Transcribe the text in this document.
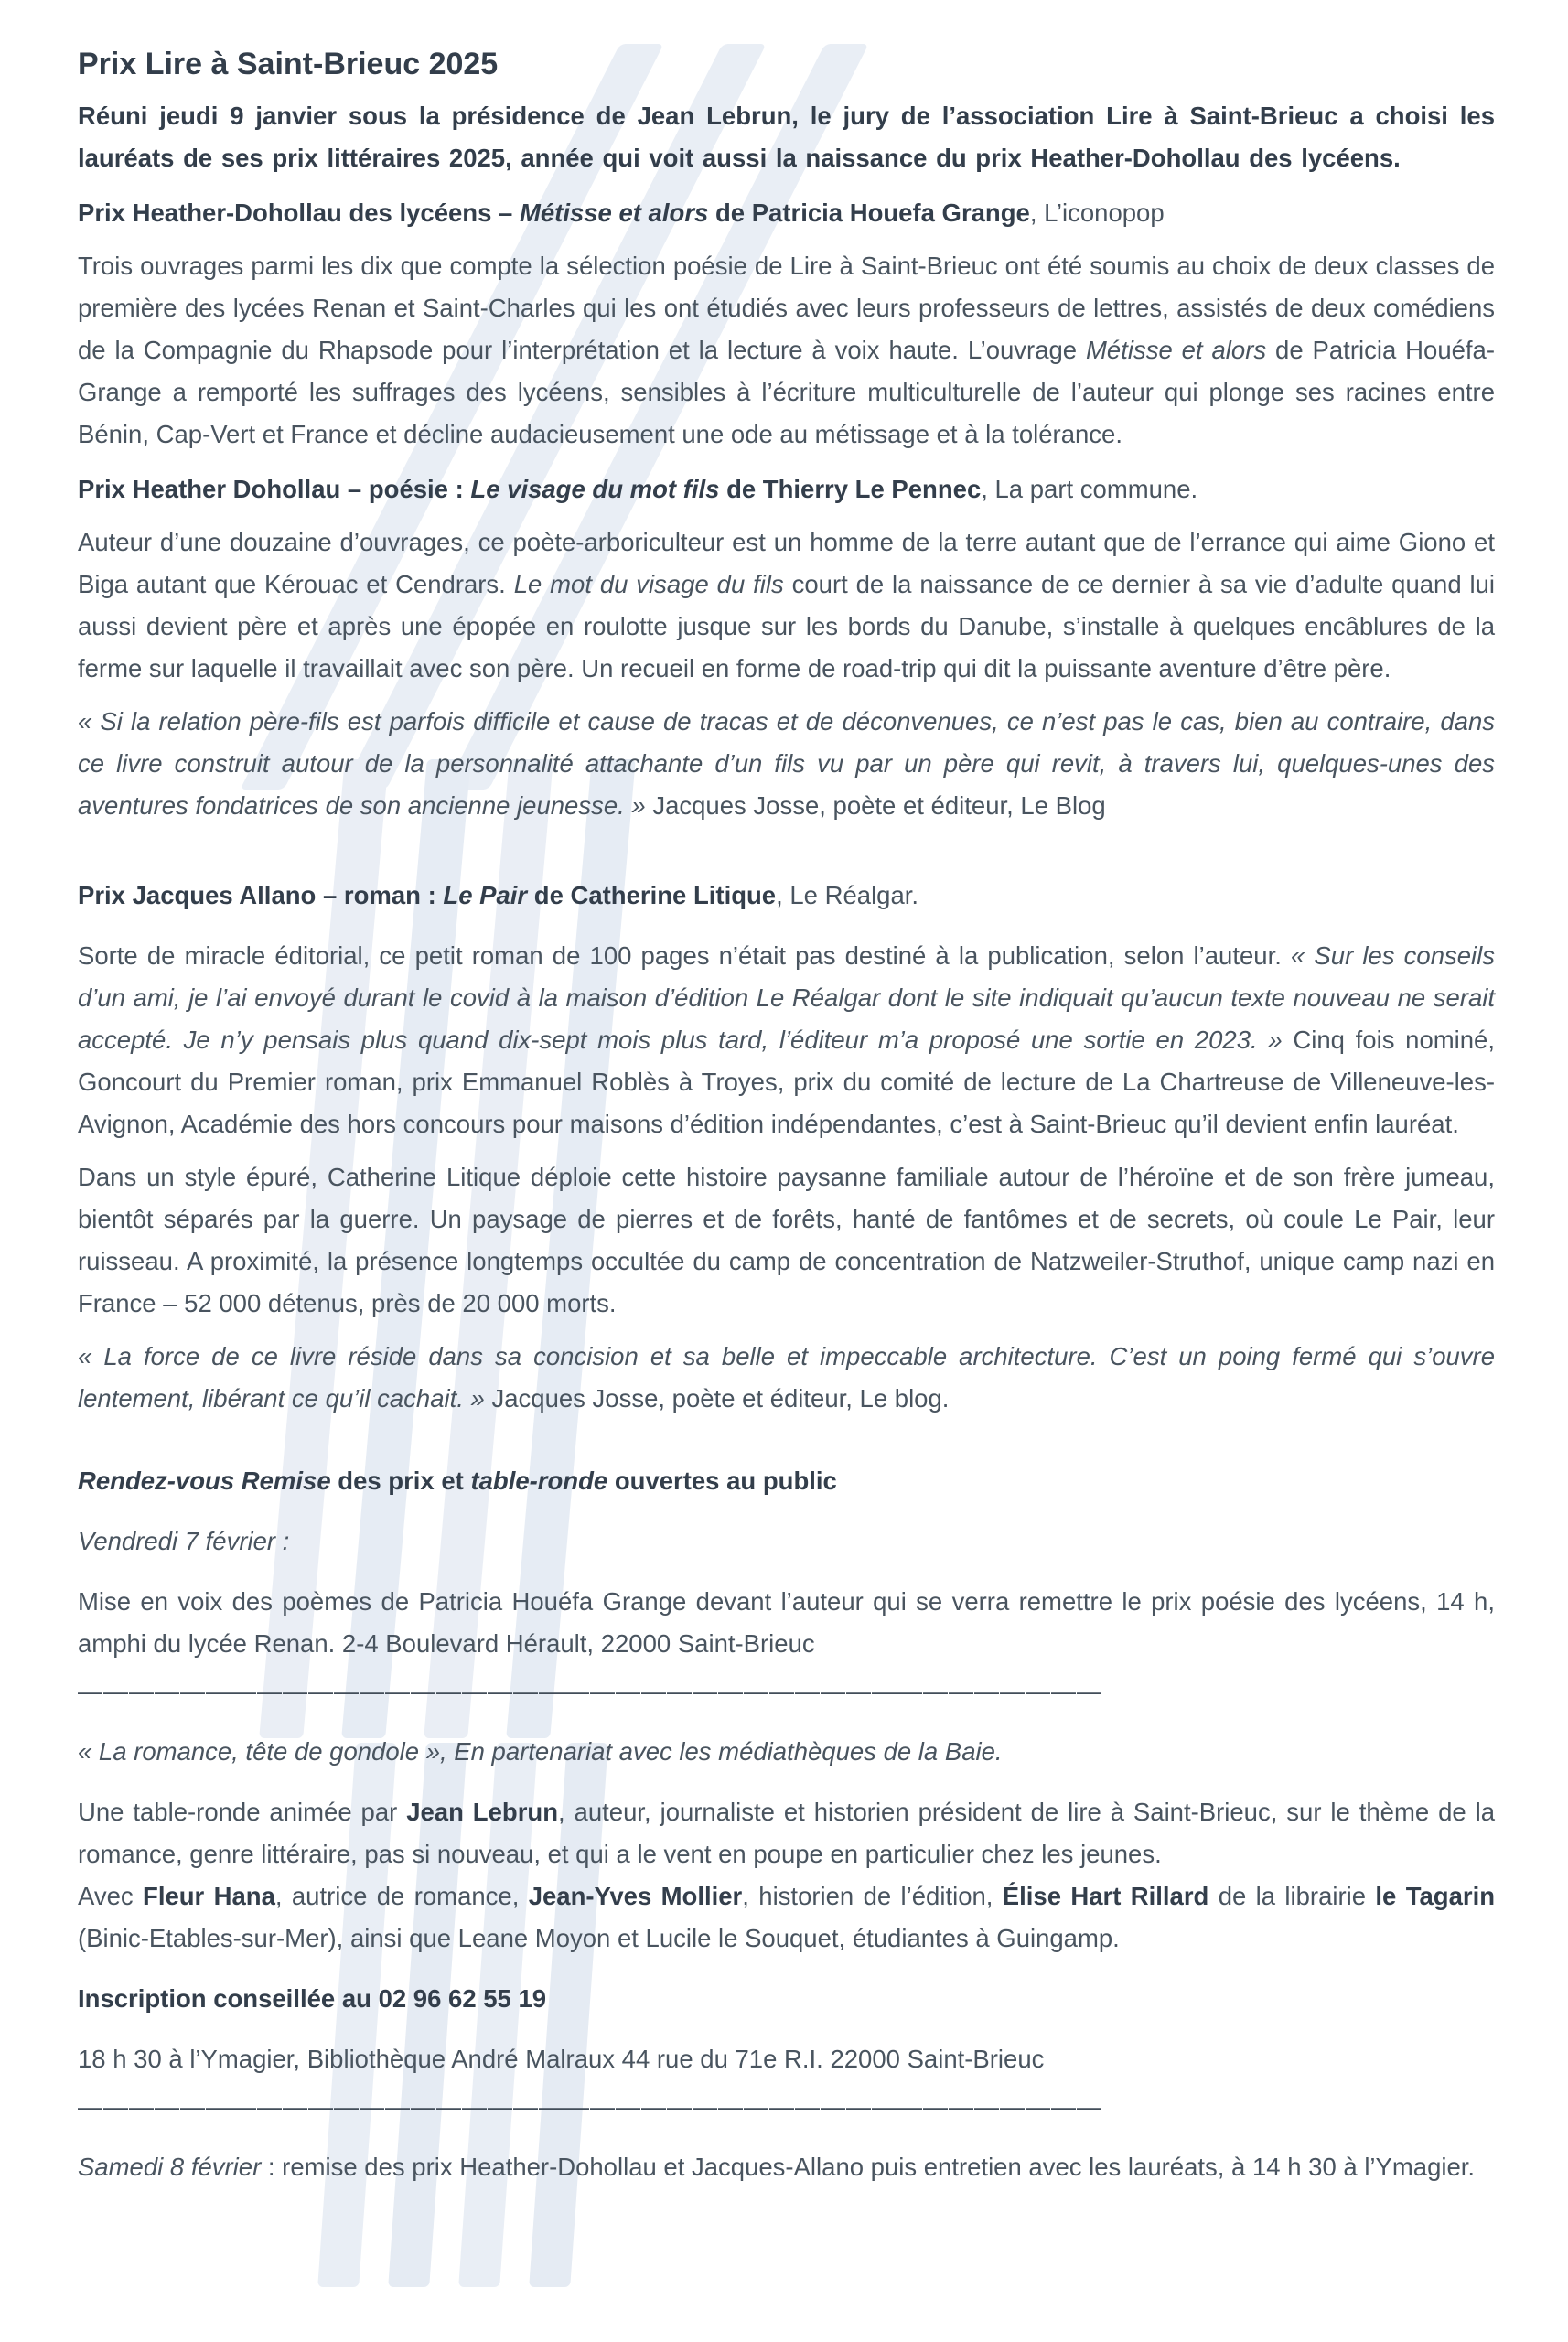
Prix Lire à Saint-Brieuc 2025

Réuni jeudi 9 janvier sous la présidence de Jean Lebrun, le jury de l’association Lire à Saint-Brieuc a choisi les lauréats de ses prix littéraires 2025, année qui voit aussi la naissance du prix Heather-Dohollau des lycéens.

Prix Heather-Dohollau des lycéens – Métisse et alors de Patricia Houefa Grange, L’iconopop

Trois ouvrages parmi les dix que compte la sélection poésie de Lire à Saint-Brieuc ont été soumis au choix de deux classes de première des lycées Renan et Saint-Charles qui les ont étudiés avec leurs professeurs de lettres, assistés de deux comédiens de la Compagnie du Rhapsode pour l’interprétation et la lecture à voix haute. L’ouvrage Métisse et alors de Patricia Houéfa-Grange a remporté les suffrages des lycéens, sensibles à l’écriture multiculturelle de l’auteur qui plonge ses racines entre Bénin, Cap-Vert et France et décline audacieusement une ode au métissage et à la tolérance.

Prix Heather Dohollau – poésie : Le visage du mot fils de Thierry Le Pennec, La part commune.

Auteur d’une douzaine d’ouvrages, ce poète-arboriculteur est un homme de la terre autant que de l’errance qui aime Giono et Biga autant que Kérouac et Cendrars. Le mot du visage du fils court de la naissance de ce dernier à sa vie d’adulte quand lui aussi devient père et après une épopée en roulotte jusque sur les bords du Danube, s’installe à quelques encâblures de la ferme sur laquelle il travaillait avec son père. Un recueil en forme de road-trip qui dit la puissante aventure d’être père.

« Si la relation père-fils est parfois difficile et cause de tracas et de déconvenues, ce n’est pas le cas, bien au contraire, dans ce livre construit autour de la personnalité attachante d’un fils vu par un père qui revit, à travers lui, quelques-unes des aventures fondatrices de son ancienne jeunesse. » Jacques Josse, poète et éditeur, Le Blog

Prix Jacques Allano – roman : Le Pair de Catherine Litique, Le Réalgar.

Sorte de miracle éditorial, ce petit roman de 100 pages n’était pas destiné à la publication, selon l’auteur. « Sur les conseils d’un ami, je l’ai envoyé durant le covid à la maison d’édition Le Réalgar dont le site indiquait qu’aucun texte nouveau ne serait accepté. Je n’y pensais plus quand dix-sept mois plus tard, l’éditeur m’a proposé une sortie en 2023. » Cinq fois nominé, Goncourt du Premier roman, prix Emmanuel Roblès à Troyes, prix du comité de lecture de La Chartreuse de Villeneuve-les-Avignon, Académie des hors concours pour maisons d’édition indépendantes, c’est à Saint-Brieuc qu’il devient enfin lauréat.

Dans un style épuré, Catherine Litique déploie cette histoire paysanne familiale autour de l’héroïne et de son frère jumeau, bientôt séparés par la guerre. Un paysage de pierres et de forêts, hanté de fantômes et de secrets, où coule Le Pair, leur ruisseau. A proximité, la présence longtemps occultée du camp de concentration de Natzweiler-Struthof, unique camp nazi en France – 52 000 détenus, près de 20 000 morts.

« La force de ce livre réside dans sa concision et sa belle et impeccable architecture. C’est un poing fermé qui s’ouvre lentement, libérant ce qu’il cachait. » Jacques Josse, poète et éditeur, Le blog.

Rendez-vous Remise des prix et table-ronde ouvertes au public

Vendredi 7 février :

Mise en voix des poèmes de Patricia Houéfa Grange devant l’auteur qui se verra remettre le prix poésie des lycéens, 14 h, amphi du lycée Renan. 2-4 Boulevard Hérault, 22000 Saint-Brieuc

————————————————————————————————————————

« La romance, tête de gondole », En partenariat avec les médiathèques de la Baie.

Une table-ronde animée par Jean Lebrun, auteur, journaliste et historien président de lire à Saint-Brieuc, sur le thème de la romance, genre littéraire, pas si nouveau, et qui a le vent en poupe en particulier chez les jeunes.

Avec Fleur Hana, autrice de romance, Jean-Yves Mollier, historien de l’édition, Élise Hart Rillard de la librairie le Tagarin (Binic-Etables-sur-Mer), ainsi que Leane Moyon et Lucile le Souquet, étudiantes à Guingamp.

Inscription conseillée au 02 96 62 55 19

18 h 30 à l’Ymagier, Bibliothèque André Malraux 44 rue du 71e R.I. 22000 Saint-Brieuc

————————————————————————————————————————

Samedi 8 février : remise des prix Heather-Dohollau et Jacques-Allano puis entretien avec les lauréats, à 14 h 30 à l’Ymagier.
